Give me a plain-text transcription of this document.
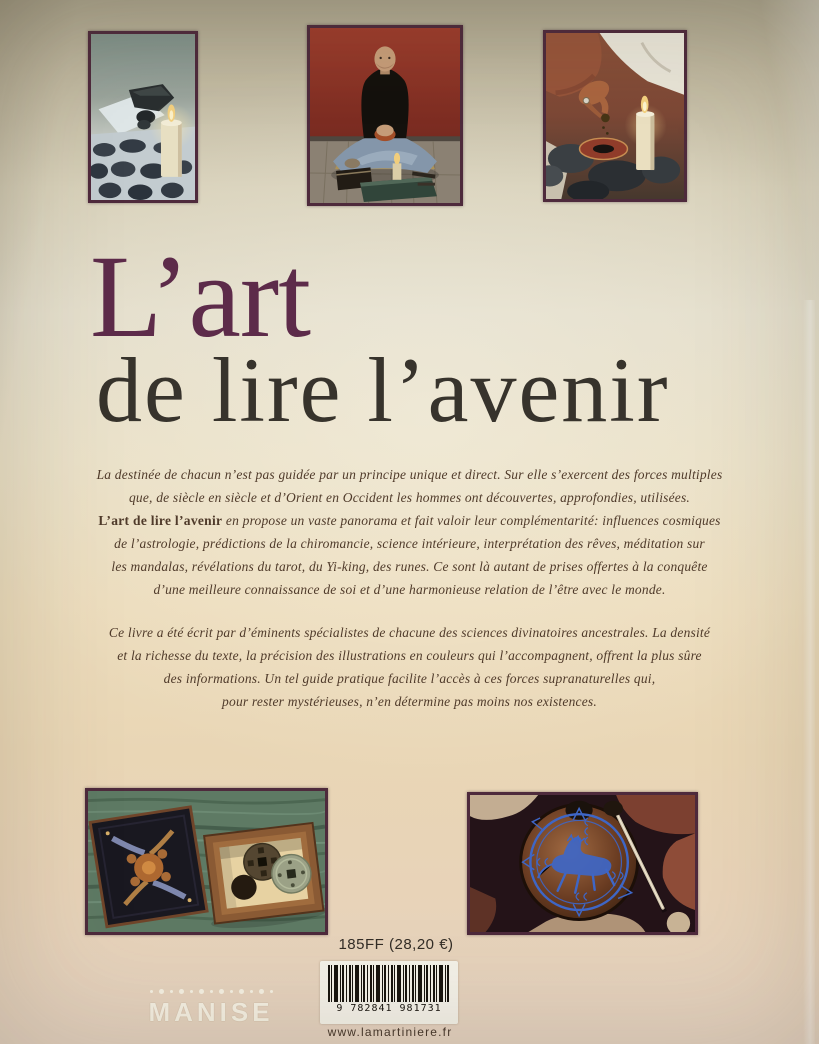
L’art
de lire l’avenir
La destinée de chacun n’est pas guidée par un principe unique et direct. Sur elle s’exercent des forces multiples
que, de siècle en siècle et d’Orient en Occident les hommes ont découvertes, approfondies, utilisées.
L’art de lire l’avenir en propose un vaste panorama et fait valoir leur complémentarité: influences cosmiques
de l’astrologie, prédictions de la chiromancie, science intérieure, interprétation des rêves, méditation sur
les mandalas, révélations du tarot, du Yi-king, des runes. Ce sont là autant de prises offertes à la conquête
d’une meilleure connaissance de soi et d’une harmonieuse relation de l’être avec le monde.
Ce livre a été écrit par d’éminents spécialistes de chacune des sciences divinatoires ancestrales. La densité
et la richesse du texte, la précision des illustrations en couleurs qui l’accompagnent, offrent la plus sûre
des informations. Un tel guide pratique facilite l’accès à ces forces supranaturelles qui,
pour rester mystérieuses, n’en détermine pas moins nos existences.
185FF (28,20 €)
MANISE	9 782841 981731
www.lamartiniere.fr
